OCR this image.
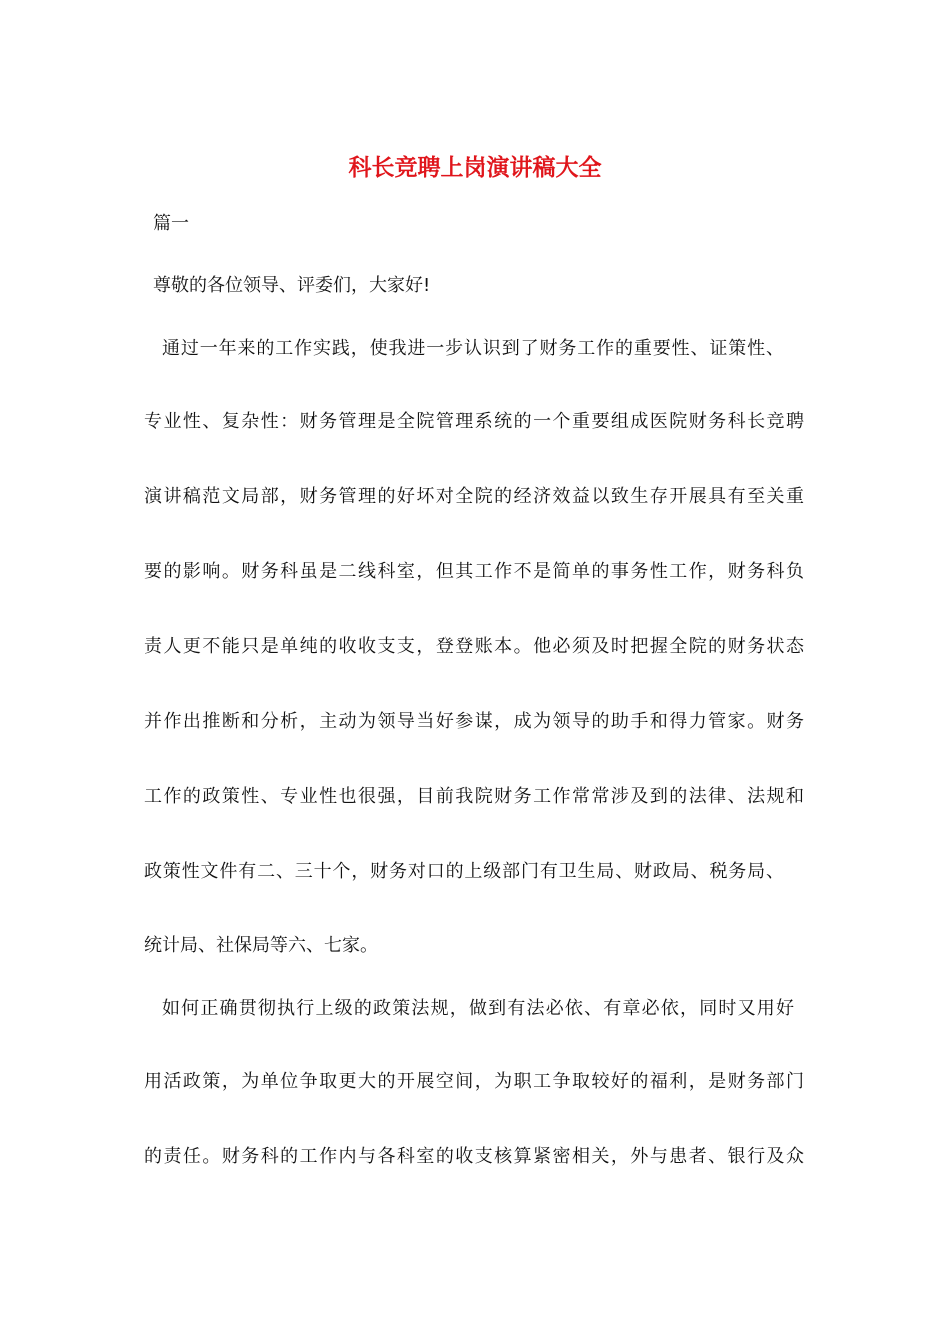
科长竞聘上岗演讲稿大全

篇一

尊敬的各位领导、评委们，大家好!

通过一年来的工作实践，使我进一步认识到了财务工作的重要性、证策性、

专业性、复杂性：财务管理是全院管理系统的一个重要组成医院财务科长竞聘

演讲稿范文局部，财务管理的好坏对全院的经济效益以致生存开展具有至关重

要的影响。财务科虽是二线科室，但其工作不是简单的事务性工作，财务科负

责人更不能只是单纯的收收支支，登登账本。他必须及时把握全院的财务状态

并作出推断和分析，主动为领导当好参谋，成为领导的助手和得力管家。财务

工作的政策性、专业性也很强，目前我院财务工作常常涉及到的法律、法规和

政策性文件有二、三十个，财务对口的上级部门有卫生局、财政局、税务局、

统计局、社保局等六、七家。

如何正确贯彻执行上级的政策法规，做到有法必依、有章必依，同时又用好

用活政策，为单位争取更大的开展空间，为职工争取较好的福利，是财务部门

的责任。财务科的工作内与各科室的收支核算紧密相关，外与患者、银行及众
